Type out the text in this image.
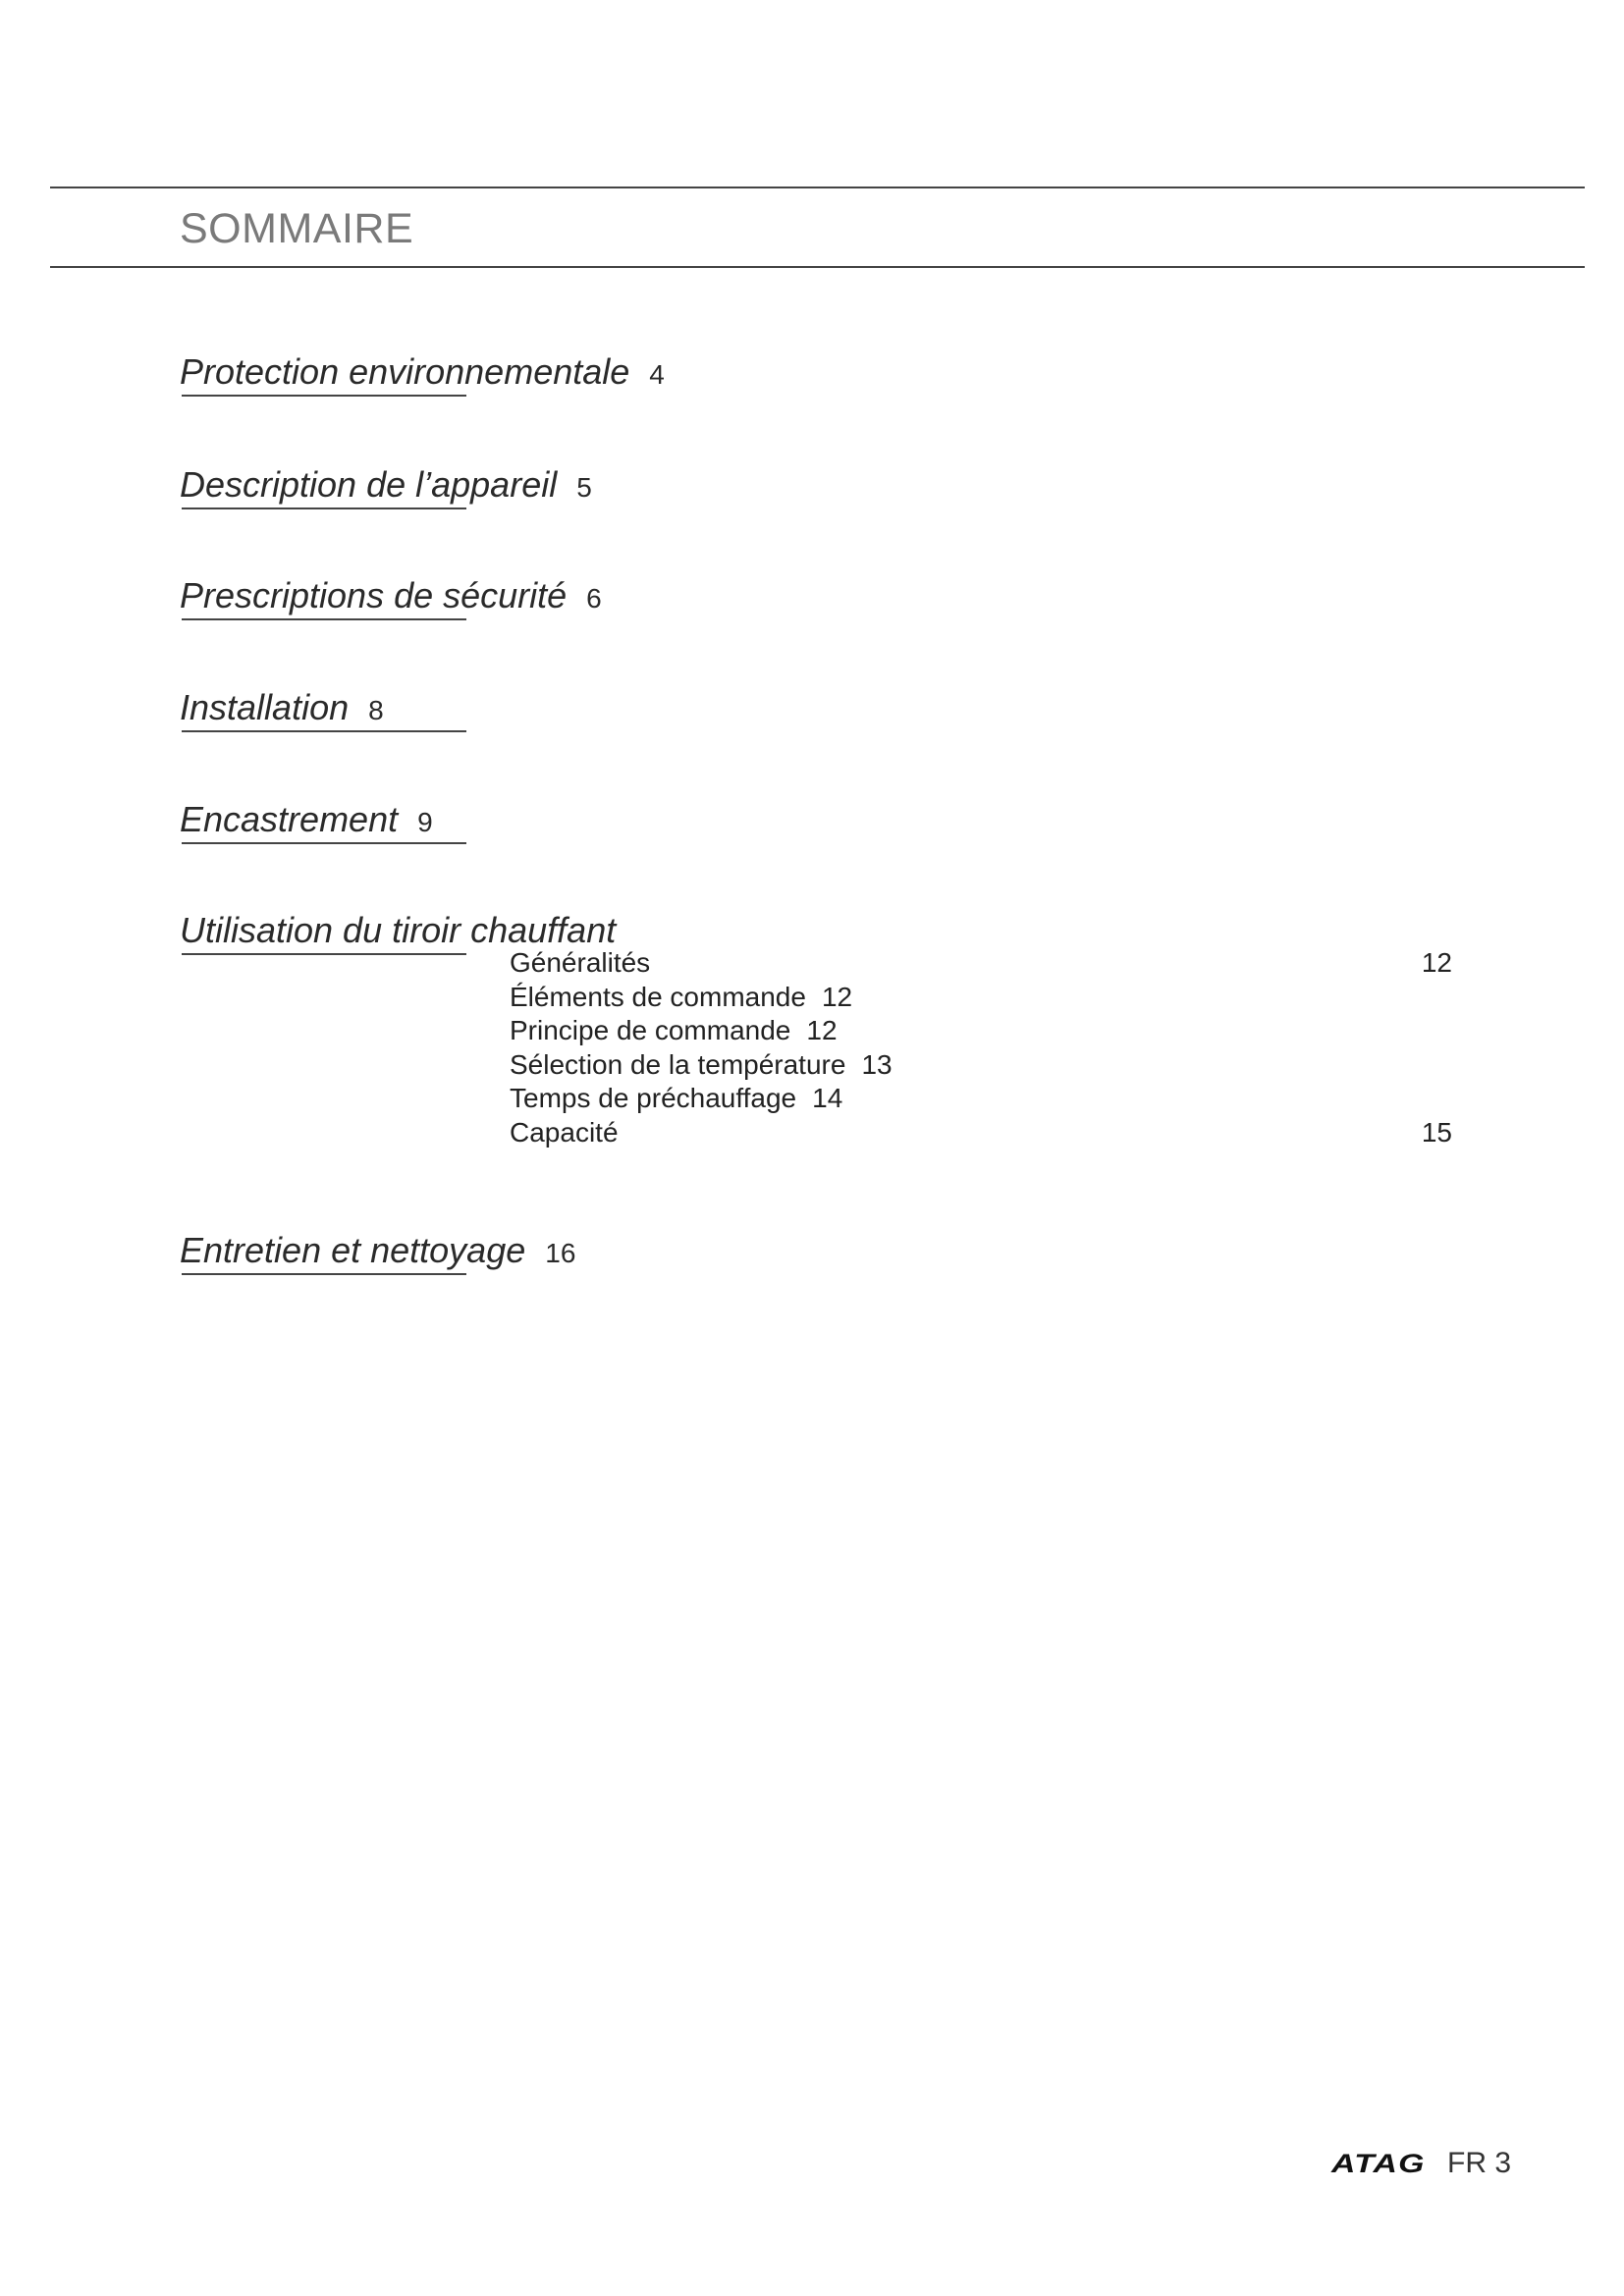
SOMMAIRE
Protection environnementale 4
Description de l’appareil 5
Prescriptions de sécurité 6
Installation 8
Encastrement 9
Utilisation du tiroir chauffant
Généralités	12
Éléments de commande 12
Principe de commande 12
Sélection de la température 13
Temps de préchauffage 14
Capacité	15
Entretien et nettoyage 16
ATAG FR 3
